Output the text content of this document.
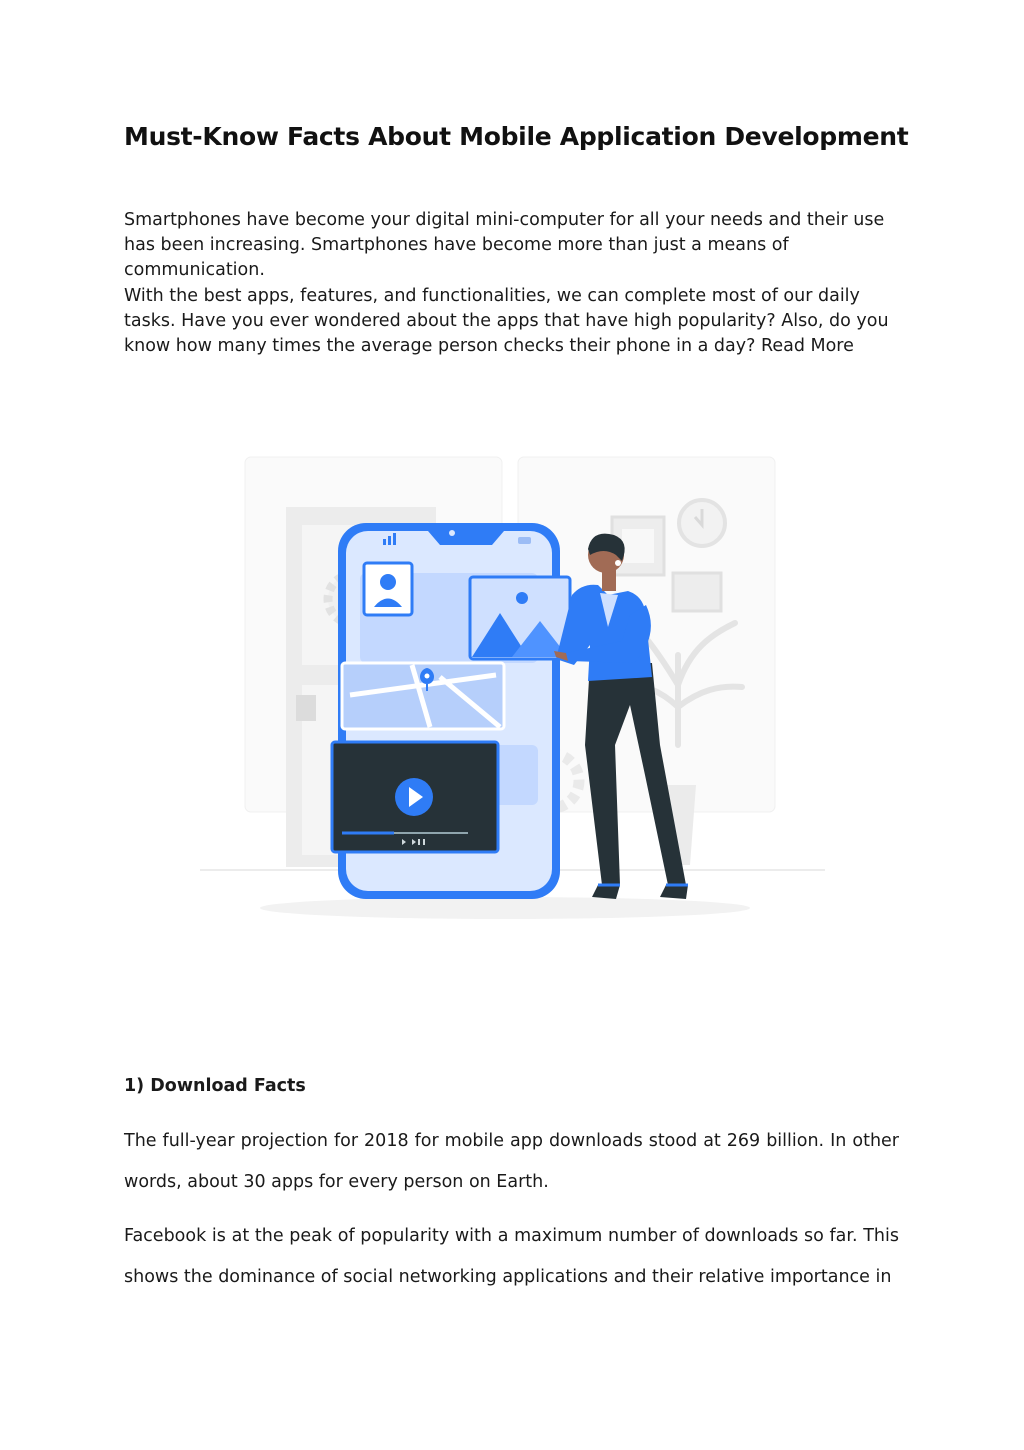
Must-Know Facts About Mobile Application Development

Smartphones have become your digital mini-computer for all your needs and their use has been increasing. Smartphones have become more than just a means of communication.

With the best apps, features, and functionalities, we can complete most of our daily tasks. Have you ever wondered about the apps that have high popularity? Also, do you know how many times the average person checks their phone in a day? Read More

1) Download Facts

The full-year projection for 2018 for mobile app downloads stood at 269 billion. In other words, about 30 apps for every person on Earth.

Facebook is at the peak of popularity with a maximum number of downloads so far. This shows the dominance of social networking applications and their relative importance in
